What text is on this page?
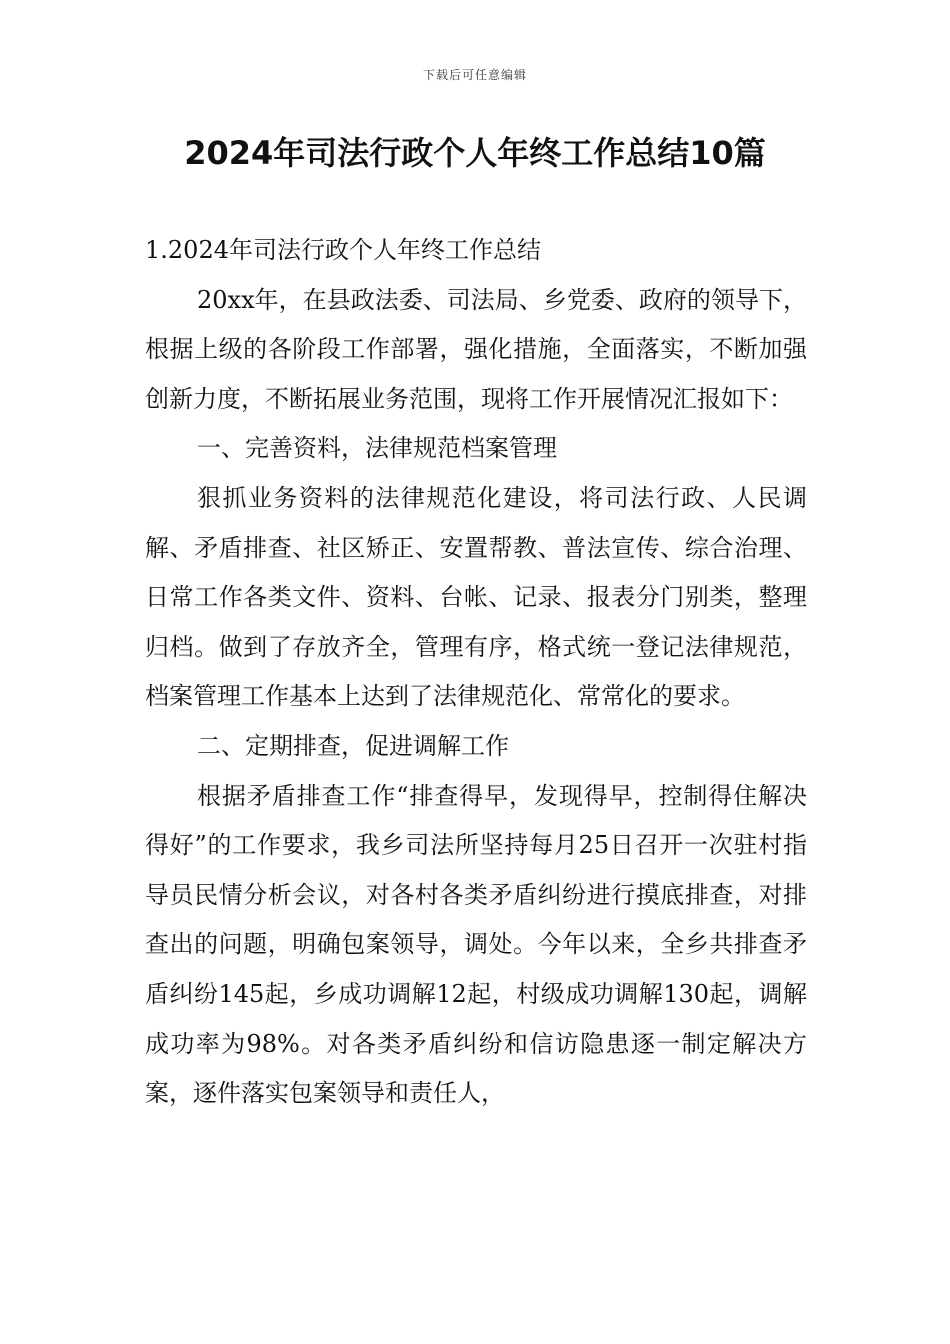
下载后可任意编辑
2024年司法行政个人年终工作总结10篇

1.2024年司法行政个人年终工作总结

20xx年，在县政法委、司法局、乡党委、政府的领导下，根据上级的各阶段工作部署，强化措施，全面落实，不断加强创新力度，不断拓展业务范围，现将工作开展情况汇报如下：

一、完善资料，法律规范档案管理

狠抓业务资料的法律规范化建设，将司法行政、人民调解、矛盾排查、社区矫正、安置帮教、普法宣传、综合治理、日常工作各类文件、资料、台帐、记录、报表分门别类，整理归档。做到了存放齐全，管理有序，格式统一登记法律规范，档案管理工作基本上达到了法律规范化、常常化的要求。

二、定期排查，促进调解工作

根据矛盾排查工作“排查得早，发现得早，控制得住解决得好”的工作要求，我乡司法所坚持每月25日召开一次驻村指导员民情分析会议，对各村各类矛盾纠纷进行摸底排查，对排查出的问题，明确包案领导，调处。今年以来，全乡共排查矛盾纠纷145起，乡成功调解12起，村级成功调解130起，调解成功率为98%。对各类矛盾纠纷和信访隐患逐一制定解决方案，逐件落实包案领导和责任人，
